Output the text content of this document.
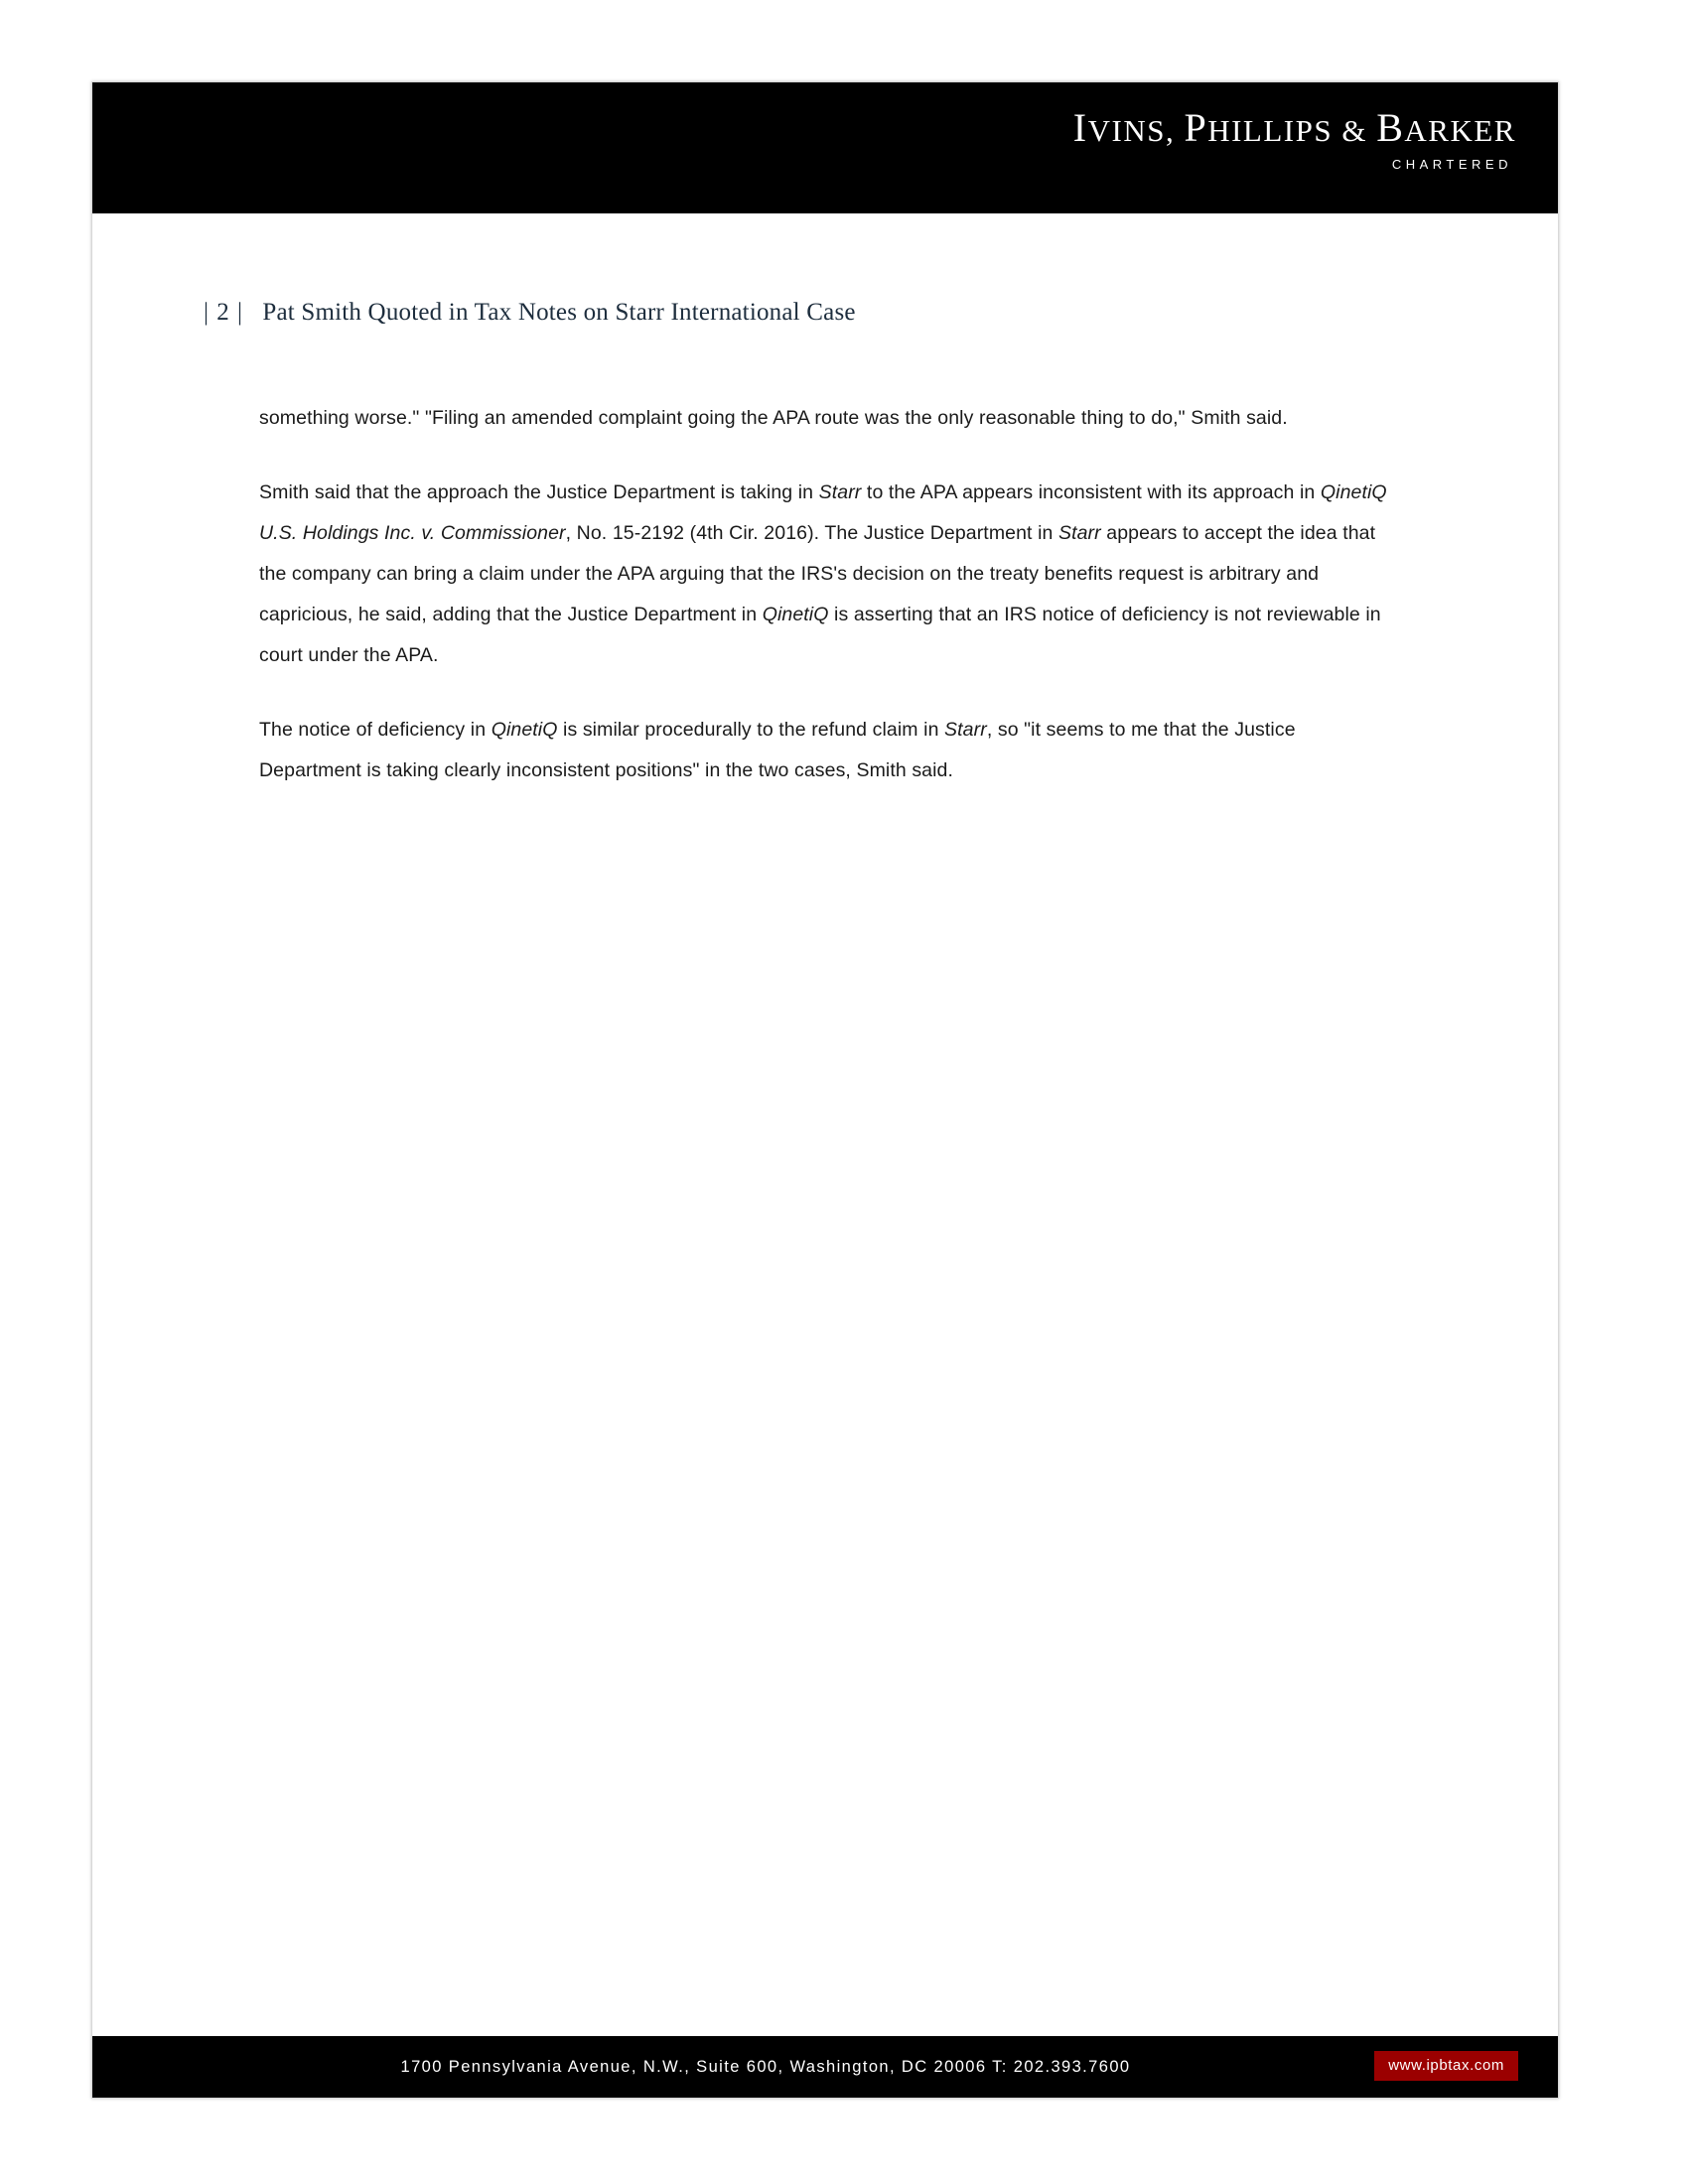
IVINS, PHILLIPS & BARKER
CHARTERED
| 2 | Pat Smith Quoted in Tax Notes on Starr International Case

something worse." "Filing an amended complaint going the APA route was the only reasonable thing to do," Smith said.

Smith said that the approach the Justice Department is taking in Starr to the APA appears inconsistent with its approach in QinetiQ U.S. Holdings Inc. v. Commissioner, No. 15-2192 (4th Cir. 2016). The Justice Department in Starr appears to accept the idea that the company can bring a claim under the APA arguing that the IRS's decision on the treaty benefits request is arbitrary and capricious, he said, adding that the Justice Department in QinetiQ is asserting that an IRS notice of deficiency is not reviewable in court under the APA.

The notice of deficiency in QinetiQ is similar procedurally to the refund claim in Starr, so "it seems to me that the Justice Department is taking clearly inconsistent positions" in the two cases, Smith said.

1700 Pennsylvania Avenue, N.W., Suite 600, Washington, DC 20006 T: 202.393.7600	www.ipbtax.com
